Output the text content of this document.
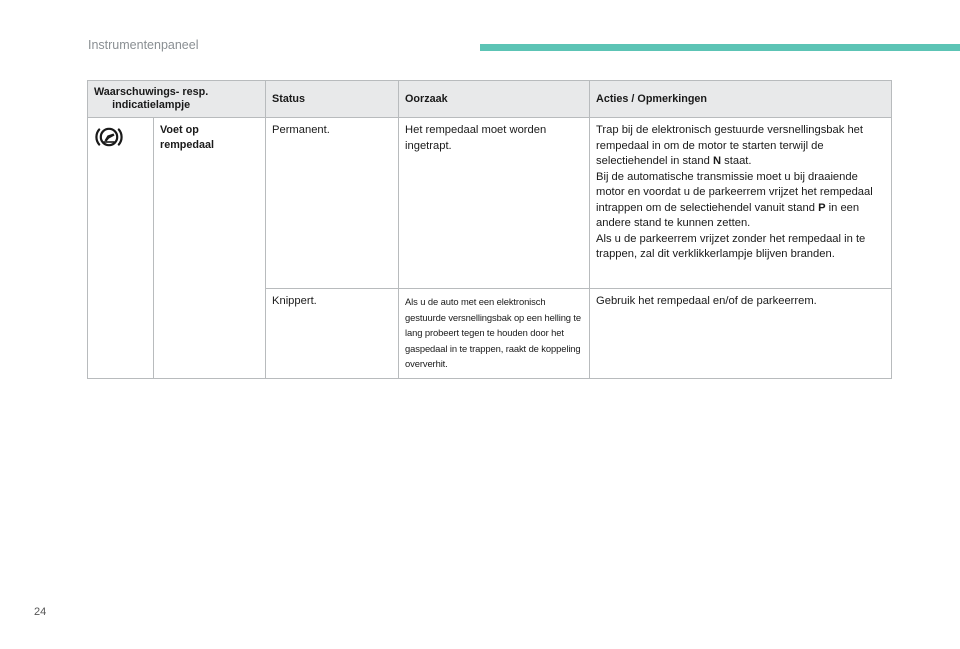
Instrumentenpaneel
Waarschuwings- resp.
indicatielampje		Status	Oorzaak	Acties / Opmerkingen
	Voet op
rempedaal	Permanent.	Het rempedaal moet worden ingetrapt.	Trap bij de elektronisch gestuurde versnellingsbak het rempedaal in om de motor te starten terwijl de selectiehendel in stand N staat.
Bij de automatische transmissie moet u bij draaiende motor en voordat u de parkeerrem vrijzet het rempedaal intrappen om de selectiehendel vanuit stand P in een andere stand te kunnen zetten.
Als u de parkeerrem vrijzet zonder het rempedaal in te trappen, zal dit verklikkerlampje blijven branden.
		Knippert.	Als u de auto met een elektronisch gestuurde versnellingsbak op een helling te lang probeert tegen te houden door het gaspedaal in te trappen, raakt de koppeling oververhit.	Gebruik het rempedaal en/of de parkeerrem.
24
